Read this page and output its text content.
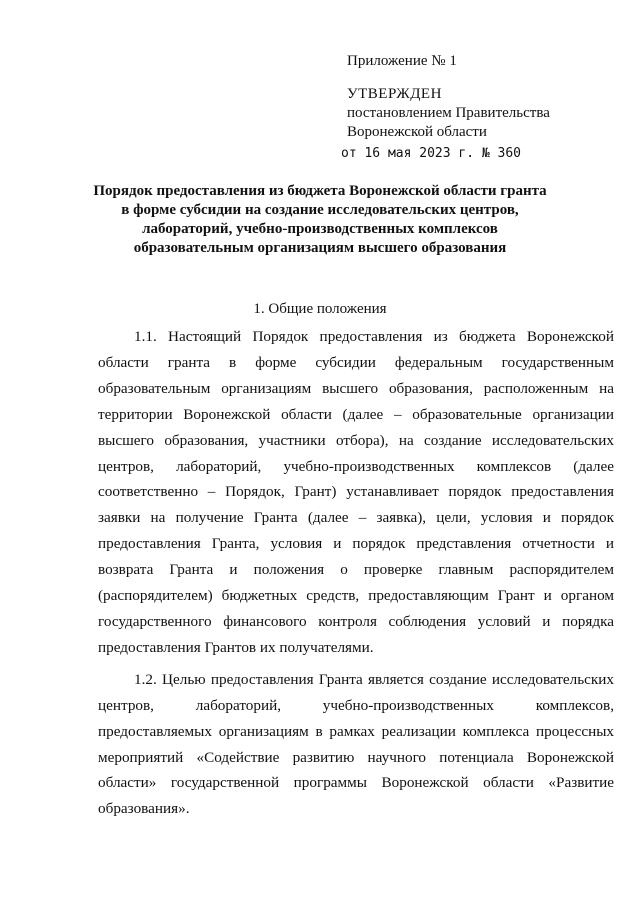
Приложение № 1
УТВЕРЖДЕН
постановлением Правительства
Воронежской области
от 16 мая 2023 г. № 360
Порядок предоставления из бюджета Воронежской области гранта в форме субсидии на создание исследовательских центров, лабораторий, учебно-производственных комплексов образовательным организациям высшего образования
1. Общие положения

1.1. Настоящий Порядок предоставления из бюджета Воронежской области гранта в форме субсидии федеральным государственным образовательным организациям высшего образования, расположенным на территории Воронежской области (далее – образовательные организации высшего образования, участники отбора), на создание исследовательских центров, лабораторий, учебно-производственных комплексов (далее соответственно – Порядок, Грант) устанавливает порядок предоставления заявки на получение Гранта (далее – заявка), цели, условия и порядок предоставления Гранта, условия и порядок представления отчетности и возврата Гранта и положения о проверке главным распорядителем (распорядителем) бюджетных средств, предоставляющим Грант и органом государственного финансового контроля соблюдения условий и порядка предоставления Грантов их получателями.

1.2. Целью предоставления Гранта является создание исследовательских центров, лабораторий, учебно-производственных комплексов, предоставляемых организациям в рамках реализации комплекса процессных мероприятий «Содействие развитию научного потенциала Воронежской области» государственной программы Воронежской области «Развитие образования».
